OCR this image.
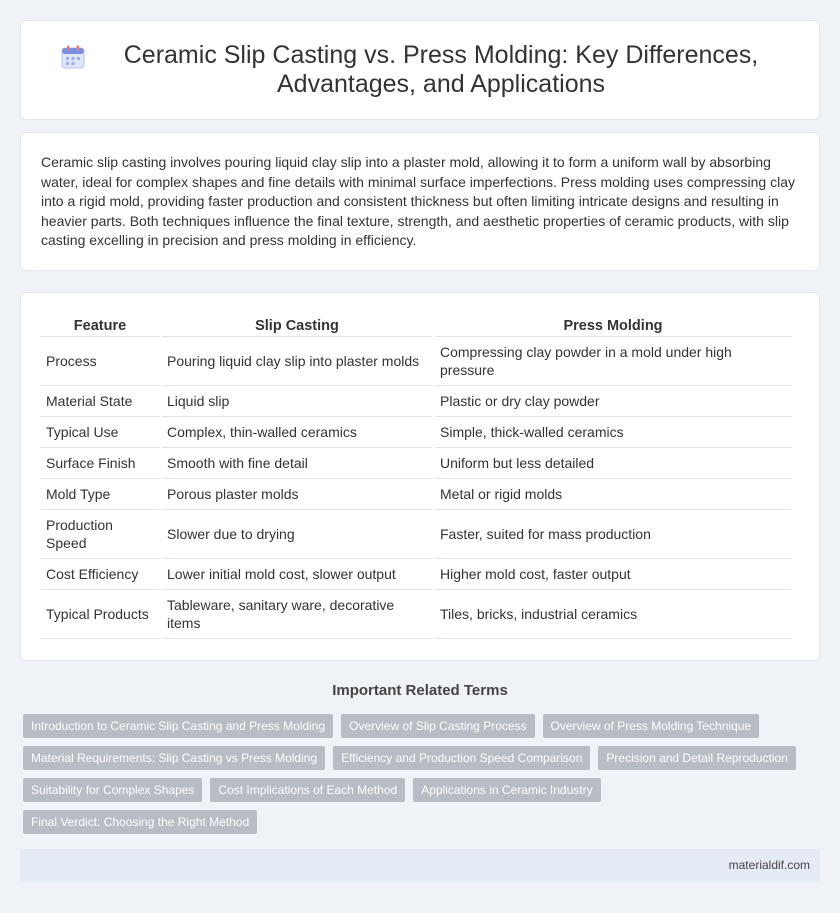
Ceramic Slip Casting vs. Press Molding: Key Differences, Advantages, and Applications

Ceramic slip casting involves pouring liquid clay slip into a plaster mold, allowing it to form a uniform wall by absorbing water, ideal for complex shapes and fine details with minimal surface imperfections. Press molding uses compressing clay into a rigid mold, providing faster production and consistent thickness but often limiting intricate designs and resulting in heavier parts. Both techniques influence the final texture, strength, and aesthetic properties of ceramic products, with slip casting excelling in precision and press molding in efficiency.

Feature	Slip Casting	Press Molding
Process	Pouring liquid clay slip into plaster molds	Compressing clay powder in a mold under high pressure
Material State	Liquid slip	Plastic or dry clay powder
Typical Use	Complex, thin-walled ceramics	Simple, thick-walled ceramics
Surface Finish	Smooth with fine detail	Uniform but less detailed
Mold Type	Porous plaster molds	Metal or rigid molds
Production Speed	Slower due to drying	Faster, suited for mass production
Cost Efficiency	Lower initial mold cost, slower output	Higher mold cost, faster output
Typical Products	Tableware, sanitary ware, decorative items	Tiles, bricks, industrial ceramics
Important Related Terms
Introduction to Ceramic Slip Casting and Press Molding	Overview of Slip Casting Process	Overview of Press Molding Technique
Material Requirements: Slip Casting vs Press Molding	Efficiency and Production Speed Comparison	Precision and Detail Reproduction
Suitability for Complex Shapes	Cost Implications of Each Method	Applications in Ceramic Industry
Final Verdict: Choosing the Right Method
materialdif.com
